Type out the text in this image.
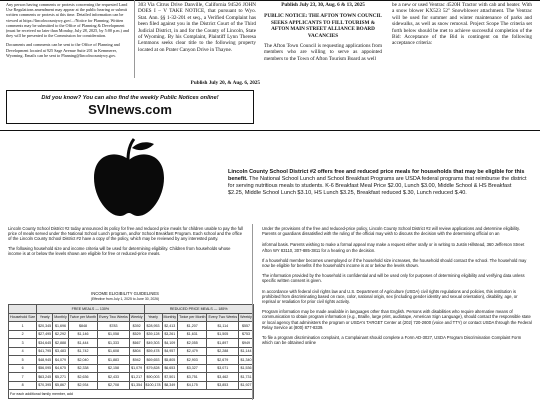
Any person having comments or protests concerning the requested Land Use Regulations amendment may appear at the public hearing or submit written comments or protests at this time. Detailed information can be viewed at https://lincolncountywy.gov/.../Notice for Planning. Written comments may be submitted to the Office of Planning & Development (must be received no later than Monday, July 28, 2025, by 5:00 p.m.) and they will be presented to the Commission for consideration.
Documents and comments can be sent to the Office of Planning and Development located at 925 Sage Avenue Suite 201 in Kemmerer, Wyoming. Emails can be sent to Planning@lincolncountywy.gov.
Publish July 20, & Aug. 6, 2025
303 Via Citrus Drive Danville, California 94526 JOHN DOES I – V TAKE NOTICE, that pursuant to Wyo. Stat. Ann. §§ 1-32-201 et seq., a Verified Complaint has been filed against you in the District Court of the Third Judicial District, in and for the County of Lincoln, State of Wyoming. By his Complaint, Plaintiff Lynn Theresa Lemmons seeks clear title to the following property located at on Prater Canyon Drive in Thayne.
Publish July 23, 30, Aug. 6 & 13, 2025
PUBLIC NOTICE: THE AFTON TOWN COUNCIL SEEKS APPLICANTS TO FILL TOURISM & AFTON MAIN STREET ALLIANCE BOARD VACANCIES
The Afton Town Council is requesting applications from members who are willing to serve as appointed members to the Town of Afton Tourism Board as well
be a new or used Ventrac 4520H Tractor with cab and heater. With a snow blower KX523 52" Snowblower attachment. The Ventrac will be used for summer and winter maintenance of parks and sidewalks, as well as snow removal. Project Scope The criteria set forth below should be met to achieve successful completion of the Bid: Acceptance of the Bid is contingent on the following acceptance criteria:
Did you know? You can also find the weekly Public Notices online!
SVInews.com
Lincoln County School District #2 offers free and reduced price meals for households that may be eligible for this benefit. The National School Lunch and School Breakfast Programs are USDA federal programs that reimburse the district for serving nutritious meals to students. K-6 Breakfast Meal Price $2.00, Lunch $3.00, Middle School & HS Breakfast $2.25, Middle School Lunch $3.10, HS Lunch $3.25, Breakfast reduced $.30, Lunch reduced $.40.
Lincoln County School District #2 today announced its policy for free and reduced price meals for children unable to pay the full price of meals served under the National School Lunch program, and/or School Breakfast Program. Each school and the office of the Lincoln County School District #2 have a copy of the policy, which may be reviewed by any interested party.
The following household size and income criteria will be used for determining eligibility. Children from households whose income is at or below the levels shown are eligible for free or reduced-price meals.
INCOME ELIGIBILITY GUIDELINES
(Effective from July 1, 2025 to June 30, 2026)
	FREE MEALS — 130%					REDUCED PRICE MEALS — 185%				
Household Size	Yearly	Monthly	Twice per Month	Every Two Weeks	Weekly	Yearly	Monthly	Twice per Month	Every Two Weeks	Weekly
1	$20,345	$1,696	$848	$783	$392	$28,953	$2,413	$1,207	$1,114	$557
2	$27,495	$2,292	$1,146	$1,058	$529	$39,128	$3,261	$1,631	$1,505	$753
3	$34,645	$2,888	$1,444	$1,333	$667	$49,303	$4,109	$2,055	$1,897	$949
4	$41,795	$3,483	$1,742	$1,608	$804	$59,478	$4,957	$2,479	$2,288	$1,144
5	$48,945	$4,079	$2,040	$1,883	$942	$69,653	$5,805	$2,903	$2,679	$1,340
6	$56,095	$4,675	$2,338	$2,158	$1,079	$79,828	$6,653	$3,327	$3,071	$1,536
7	$63,245	$5,271	$2,636	$2,433	$1,217	$90,003	$7,501	$3,751	$3,462	$1,731
8	$70,395	$5,867	$2,934	$2,708	$1,354	$100,178	$8,349	$4,175	$3,853	$1,927
For each additional family member, add										
Under the provisions of the free and reduced-price policy, Lincoln County School District #2 will review applications and determine eligibility. Parents or guardians dissatisfied with the ruling of the official may wish to discuss the decision with the determining official on an
informal basis. Parents wishing to make a formal appeal may make a request either orally or in writing to Justin Hillstead, 360 Jefferson Street Afton WY 83110, 307-885-3811 for a hearing on the decision.
If a household member becomes unemployed or if the household size increases, the household should contact the school. The household may now be eligible for benefits if the household's income is at or below the levels shown.
The information provided by the household is confidential and will be used only for purposes of determining eligibility and verifying data unless specific written consent is given.
In accordance with federal civil rights law and U.S. Department of Agriculture (USDA) civil rights regulations and policies, this institution is prohibited from discriminating based on race, color, national origin, sex (including gender identity and sexual orientation), disability, age, or reprisal or retaliation for prior civil rights activity.
Program information may be made available in languages other than English. Persons with disabilities who require alternative means of communication to obtain program information (e.g., Braille, large print, audiotape, American Sign Language), should contact the responsible state or local agency that administers the program or USDA's TARGET Center at (202) 720-2600 (voice and TTY) or contact USDA through the Federal Relay Service at (800) 877-8339.
To file a program discrimination complaint, a Complainant should complete a Form AD-3027, USDA Program Discrimination Complaint Form which can be obtained online
